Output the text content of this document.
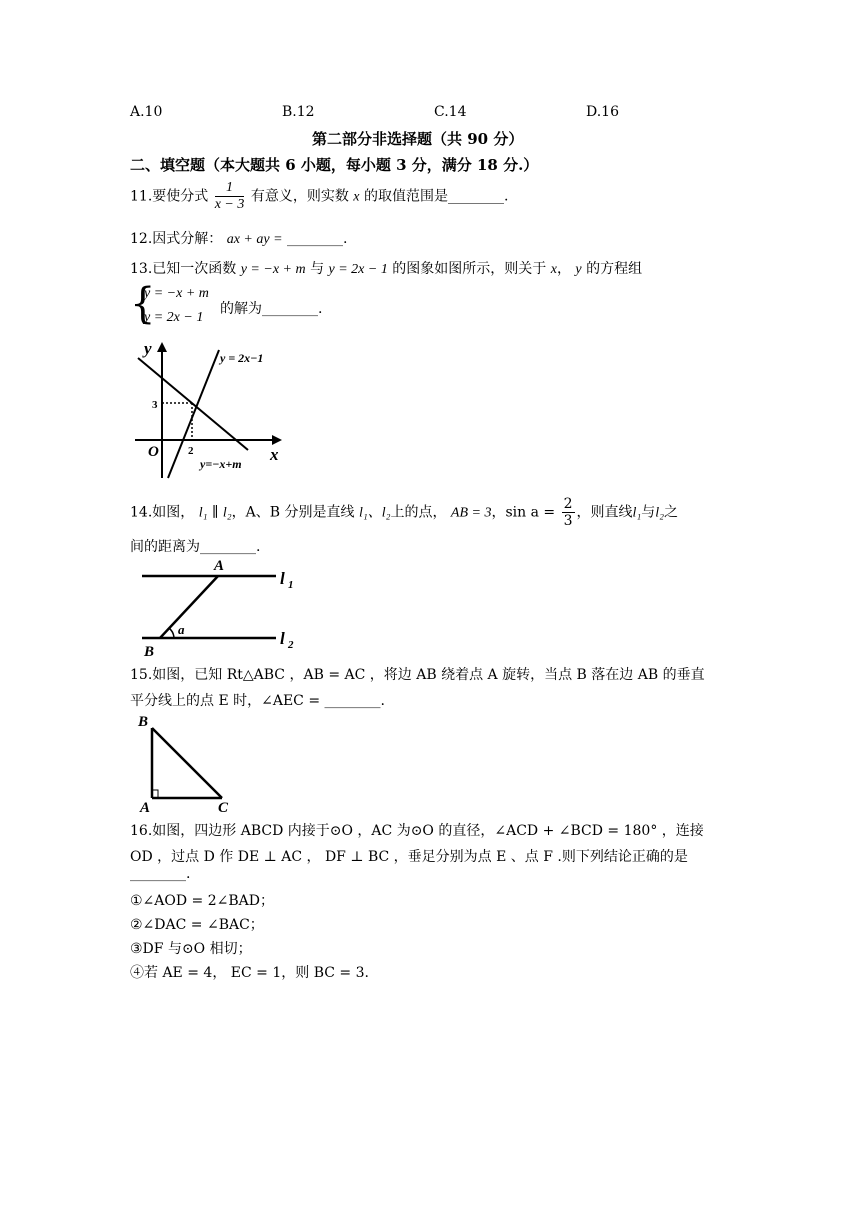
A.10	B.12	C.14	D.16
第二部分非选择题（共 90 分）
二、填空题（本大题共 6 小题，每小题 3 分，满分 18 分.）
11.要使分式 $\frac{1}{x - 3}$ 有意义，则实数 x 的取值范围是________.
12.因式分解： ax + ay = ________.
13.已知一次函数 y = −x + m 与 y = 2x − 1 的图象如图所示，则关于 x， y 的方程组
{
y = −x + m
y = 2x − 1
的解为________.
y
x
O
3
2
y = 2x−1
y=−x+m
14.如图， l₁ ∥ l₂，A、B 分别是直线 l₁、l₂上的点， AB = 3，$\sin a = \frac{2}{3}$ ，则直线l₁与l₂之
间的距离为________.
A
B
a
l 1
l 2
15.如图，已知 Rt△ABC ，AB = AC ，将边 AB 绕着点 A 旋转，当点 B 落在边 AB 的垂直
平分线上的点 E 时，∠AEC = ________.
B
A	C
16.如图，四边形 ABCD 内接于⊙O ，AC 为⊙O 的直径，∠ACD + ∠BCD = 180° ，连接
OD ，过点 D 作 DE ⊥ AC ， DF ⊥ BC ，垂足分别为点 E 、点 F .则下列结论正确的是
________.
①∠AOD = 2∠BAD；
②∠DAC = ∠BAC；
③DF 与⊙O 相切；
④若 AE = 4， EC = 1，则 BC = 3.
